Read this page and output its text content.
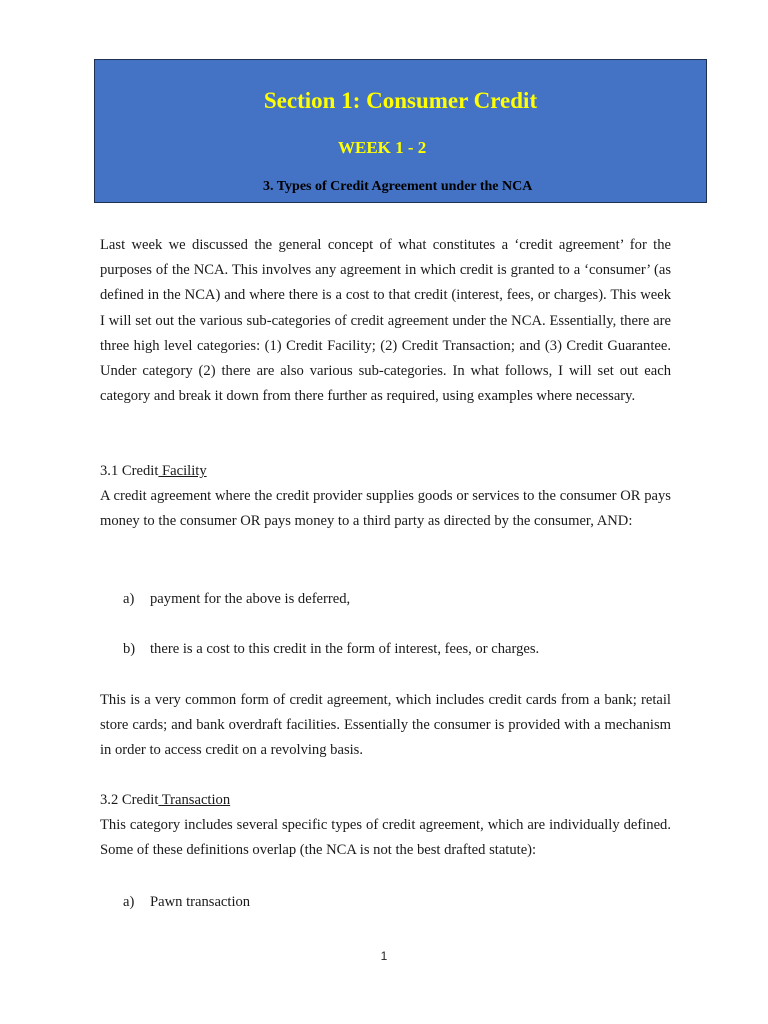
Section 1: Consumer Credit
WEEK 1 - 2
3. Types of Credit Agreement under the NCA

Last week we discussed the general concept of what constitutes a ‘credit agreement’ for the purposes of the NCA. This involves any agreement in which credit is granted to a ‘consumer’ (as defined in the NCA) and where there is a cost to that credit (interest, fees, or charges). This week I will set out the various sub-categories of credit agreement under the NCA. Essentially, there are three high level categories: (1) Credit Facility; (2) Credit Transaction; and (3) Credit Guarantee. Under category (2) there are also various sub-categories. In what follows, I will set out each category and break it down from there further as required, using examples where necessary.

3.1 Credit Facility

A credit agreement where the credit provider supplies goods or services to the consumer OR pays money to the consumer OR pays money to a third party as directed by the consumer, AND:

a) payment for the above is deferred,
b) there is a cost to this credit in the form of interest, fees, or charges.

This is a very common form of credit agreement, which includes credit cards from a bank; retail store cards; and bank overdraft facilities. Essentially the consumer is provided with a mechanism in order to access credit on a revolving basis.

3.2 Credit Transaction

This category includes several specific types of credit agreement, which are individually defined. Some of these definitions overlap (the NCA is not the best drafted statute):

a) Pawn transaction
1
